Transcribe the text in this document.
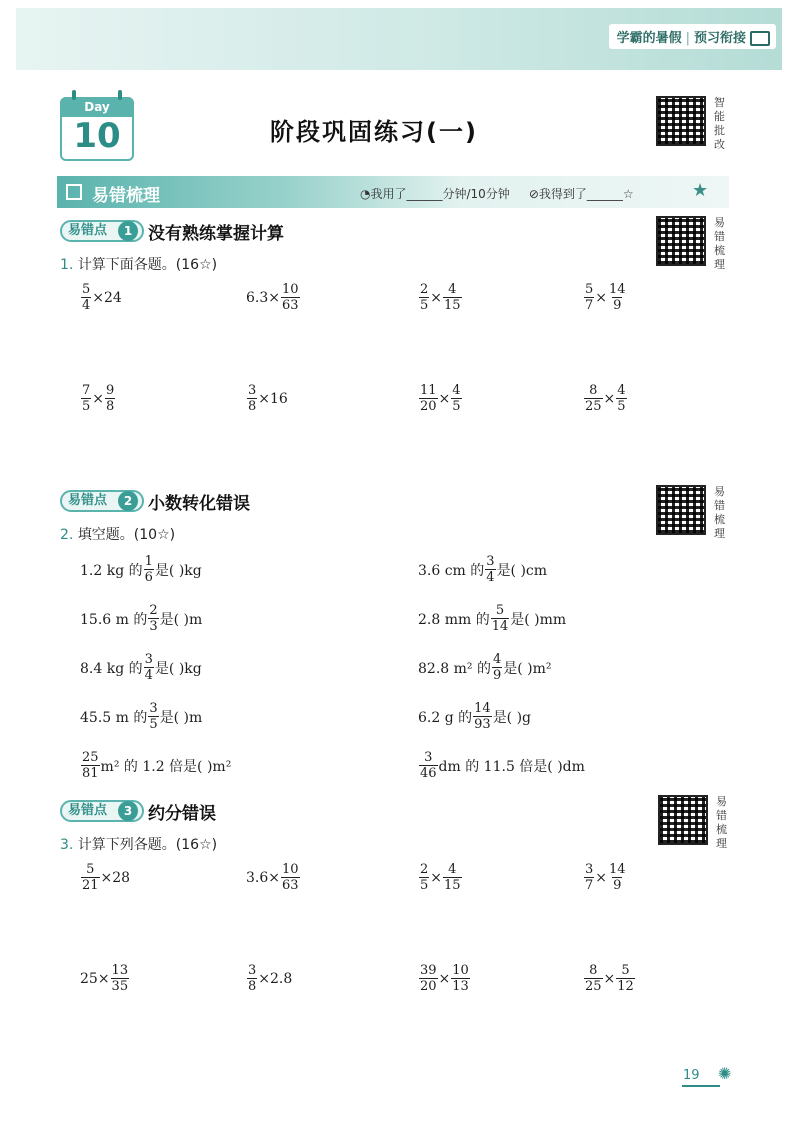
学霸的暑假 | 预习衔接
Day
10	阶段巩固练习(一)
智能批改
易错梳理
易错梳理
易错梳理
易错梳理	◔我用了______分钟/10分钟 ⊘我得到了______☆	★
易错点	1 没有熟练掌握计算
1. 计算下面各题。(16☆)
$\frac{5}{4} \times 24$	$6.3\times \frac{10}{63}$	$\frac{2}{5} \times \frac{4}{15}$	$\frac{5}{7} \times \frac{14}{9}$
$\frac{7}{5} \times \frac{9}{8}$	$\frac{3}{8} \times 16$	$\frac{11}{20} \times \frac{4}{5}$	$\frac{8}{25} \times \frac{4}{5}$
易错点	2 小数转化错误
2. 填空题。(10☆)
1.2 kg 的 $\frac{1}{6}$ 是( )kg	3.6 cm 的 $\frac{3}{4}$ 是( )cm
15.6 m 的 $\frac{2}{3}$ 是( )m	2.8 mm 的 $\frac{5}{14}$ 是( )mm
8.4 kg 的 $\frac{3}{4}$ 是( )kg	82.8 m² 的 $\frac{4}{9}$ 是( )m²
45.5 m 的 $\frac{3}{5}$ 是( )m	6.2 g 的 $\frac{14}{93}$ 是( )g
$\frac{25}{81} m^2$ 的 1.2 倍是( )m²	$\frac{3}{46}$ dm 的 11.5 倍是( )dm
易错点	3 约分错误
3. 计算下列各题。(16☆)
$\frac{5}{21} \times 28$	$3.6\times \frac{10}{63}$	$\frac{2}{5} \times \frac{4}{15}$	$\frac{3}{7} \times \frac{14}{9}$
$25\times \frac{13}{35}$	$\frac{3}{8} \times 2.8$	$\frac{39}{20} \times \frac{10}{13}$	$\frac{8}{25} \times \frac{5}{12}$
19 ✺
